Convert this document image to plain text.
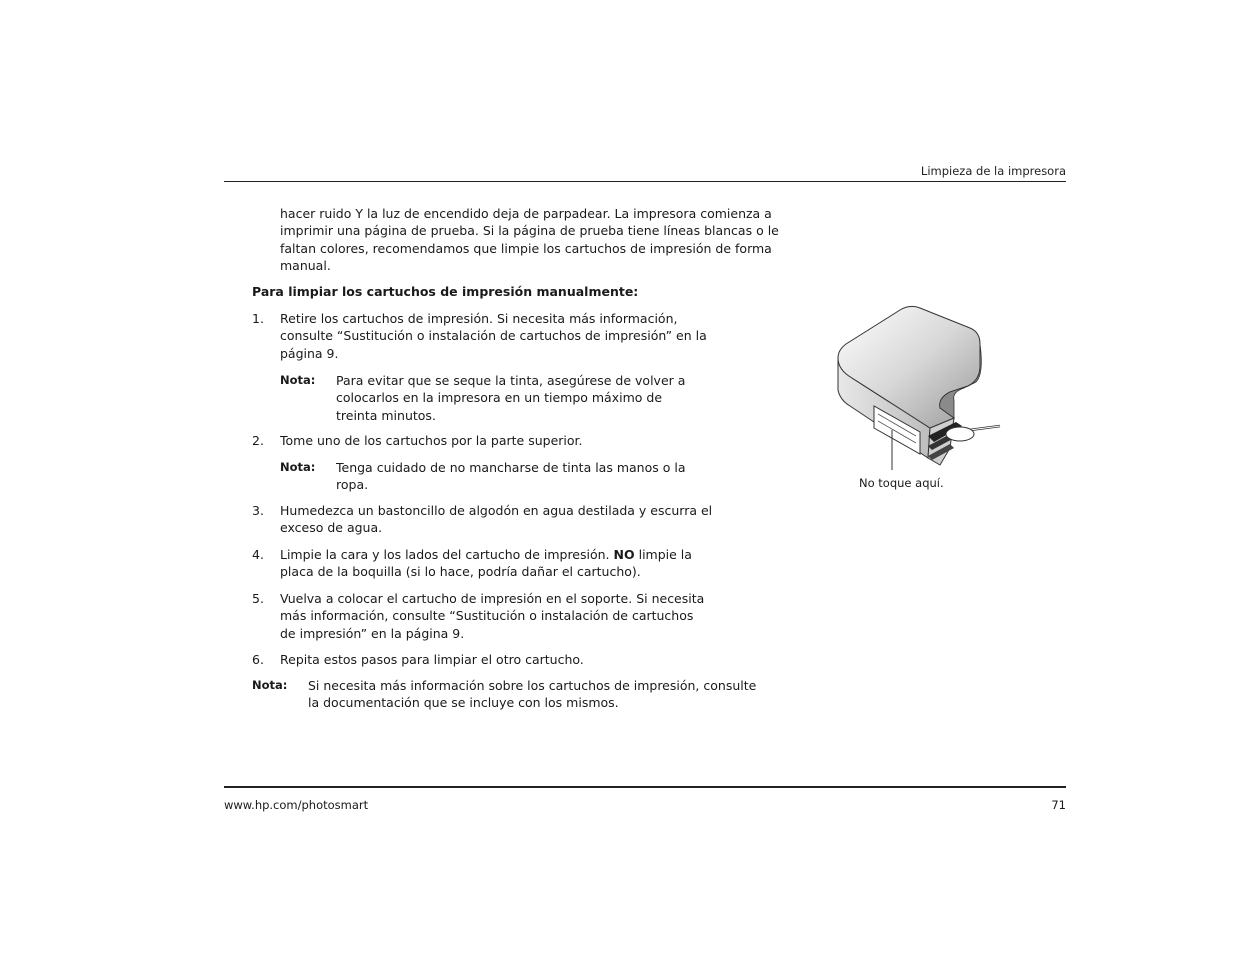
Limpieza de la impresora
hacer ruido Y la luz de encendido deja de parpadear. La impresora comienza a imprimir una página de prueba. Si la página de prueba tiene líneas blancas o le faltan colores, recomendamos que limpie los cartuchos de impresión de forma manual.
Para limpiar los cartuchos de impresión manualmente:
1. Retire los cartuchos de impresión. Si necesita más información, consulte “Sustitución o instalación de cartuchos de impresión” en la página 9.
Nota: Para evitar que se seque la tinta, asegúrese de volver a colocarlos en la impresora en un tiempo máximo de treinta minutos.
2. Tome uno de los cartuchos por la parte superior.
Nota: Tenga cuidado de no mancharse de tinta las manos o la ropa.
3. Humedezca un bastoncillo de algodón en agua destilada y escurra el exceso de agua.
4. Limpie la cara y los lados del cartucho de impresión. NO limpie la placa de la boquilla (si lo hace, podría dañar el cartucho).
5. Vuelva a colocar el cartucho de impresión en el soporte. Si necesita más información, consulte “Sustitución o instalación de cartuchos de impresión” en la página 9.
6. Repita estos pasos para limpiar el otro cartucho.
Nota: Si necesita más información sobre los cartuchos de impresión, consulte la documentación que se incluye con los mismos.
No toque aquí.
www.hp.com/photosmart	71
